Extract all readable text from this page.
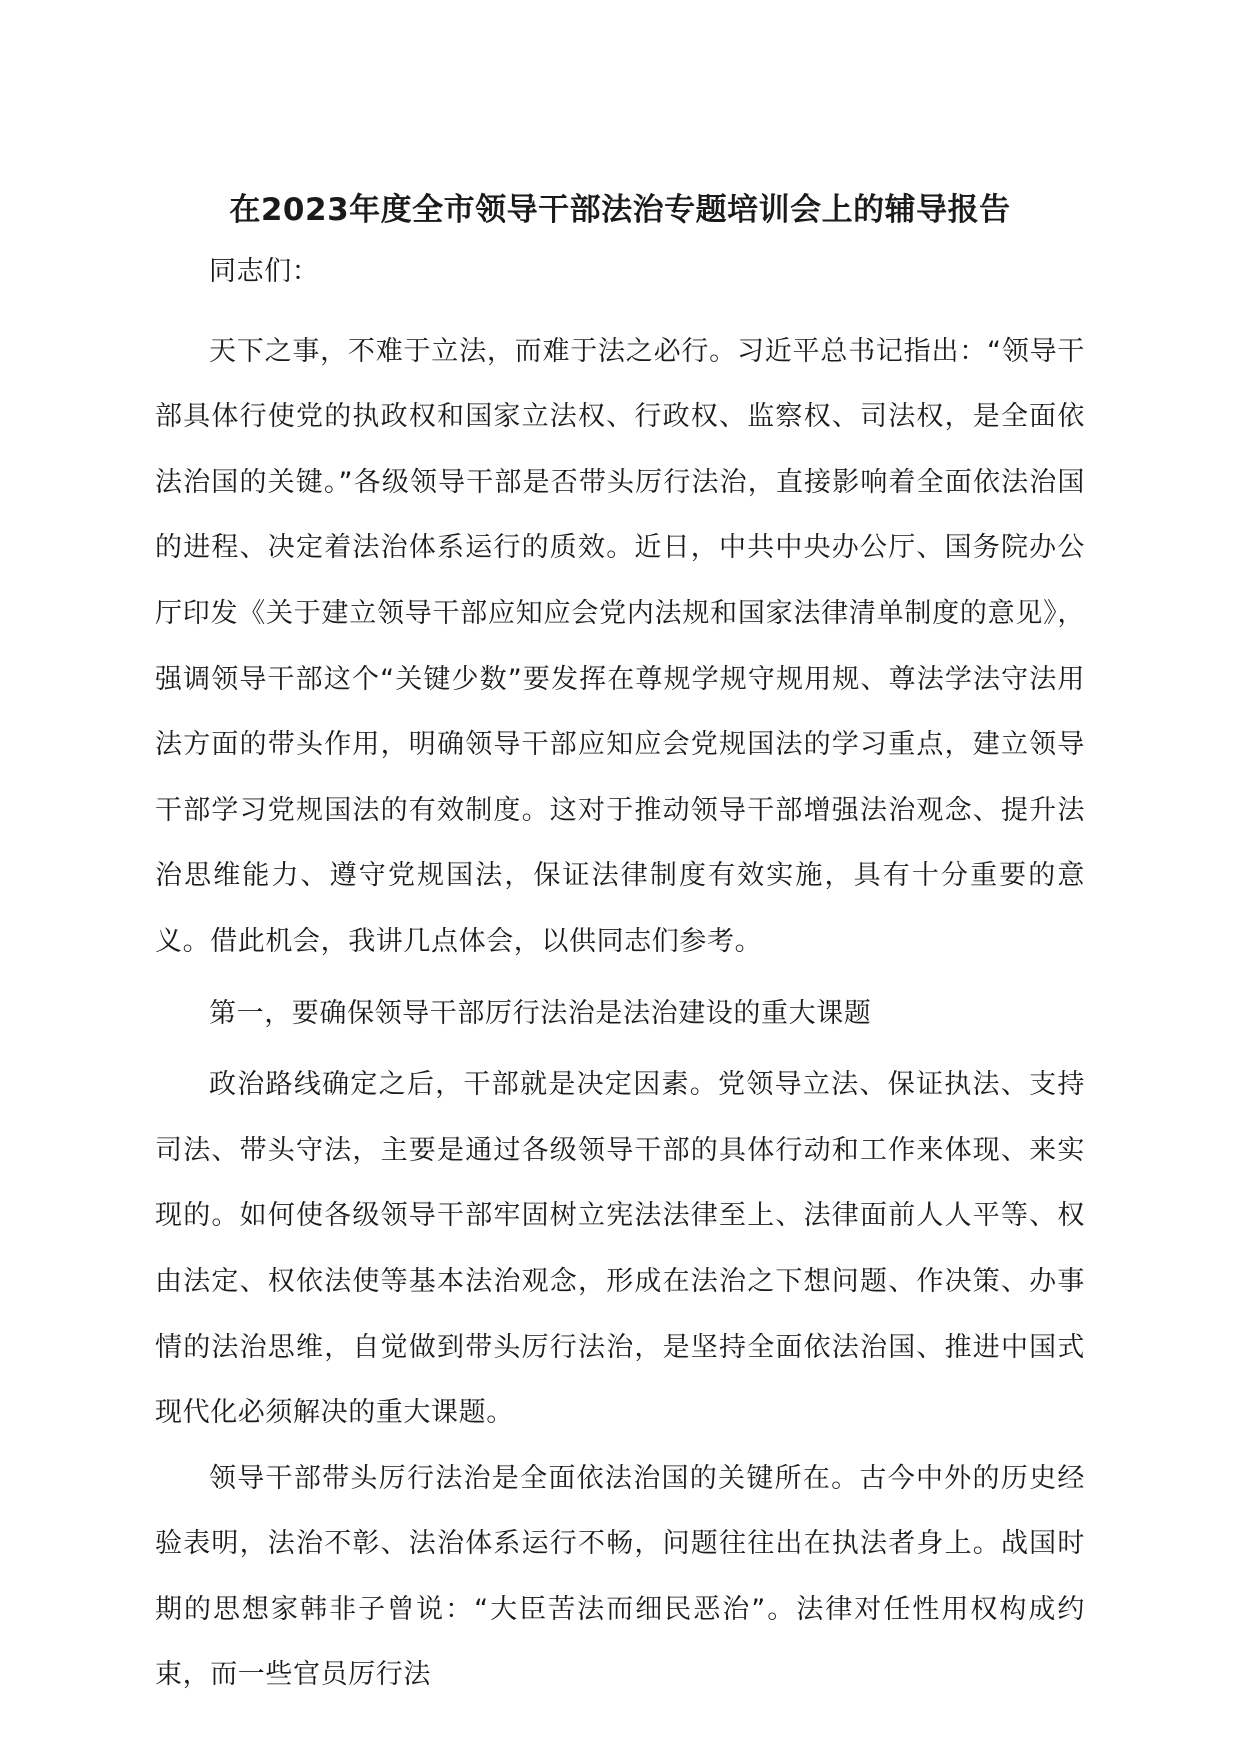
在2023年度全市领导干部法治专题培训会上的辅导报告

同志们：

天下之事，不难于立法，而难于法之必行。习近平总书记指出：“领导干部具体行使党的执政权和国家立法权、行政权、监察权、司法权，是全面依法治国的关键。”各级领导干部是否带头厉行法治，直接影响着全面依法治国的进程、决定着法治体系运行的质效。近日，中共中央办公厅、国务院办公厅印发《关于建立领导干部应知应会党内法规和国家法律清单制度的意见》，强调领导干部这个“关键少数”要发挥在尊规学规守规用规、尊法学法守法用法方面的带头作用，明确领导干部应知应会党规国法的学习重点，建立领导干部学习党规国法的有效制度。这对于推动领导干部增强法治观念、提升法治思维能力、遵守党规国法，保证法律制度有效实施，具有十分重要的意义。借此机会，我讲几点体会，以供同志们参考。

第一，要确保领导干部厉行法治是法治建设的重大课题

政治路线确定之后，干部就是决定因素。党领导立法、保证执法、支持司法、带头守法，主要是通过各级领导干部的具体行动和工作来体现、来实现的。如何使各级领导干部牢固树立宪法法律至上、法律面前人人平等、权由法定、权依法使等基本法治观念，形成在法治之下想问题、作决策、办事情的法治思维，自觉做到带头厉行法治，是坚持全面依法治国、推进中国式现代化必须解决的重大课题。

领导干部带头厉行法治是全面依法治国的关键所在。古今中外的历史经验表明，法治不彰、法治体系运行不畅，问题往往出在执法者身上。战国时期的思想家韩非子曾说：“大臣苦法而细民恶治”。法律对任性用权构成约束，而一些官员厉行法
